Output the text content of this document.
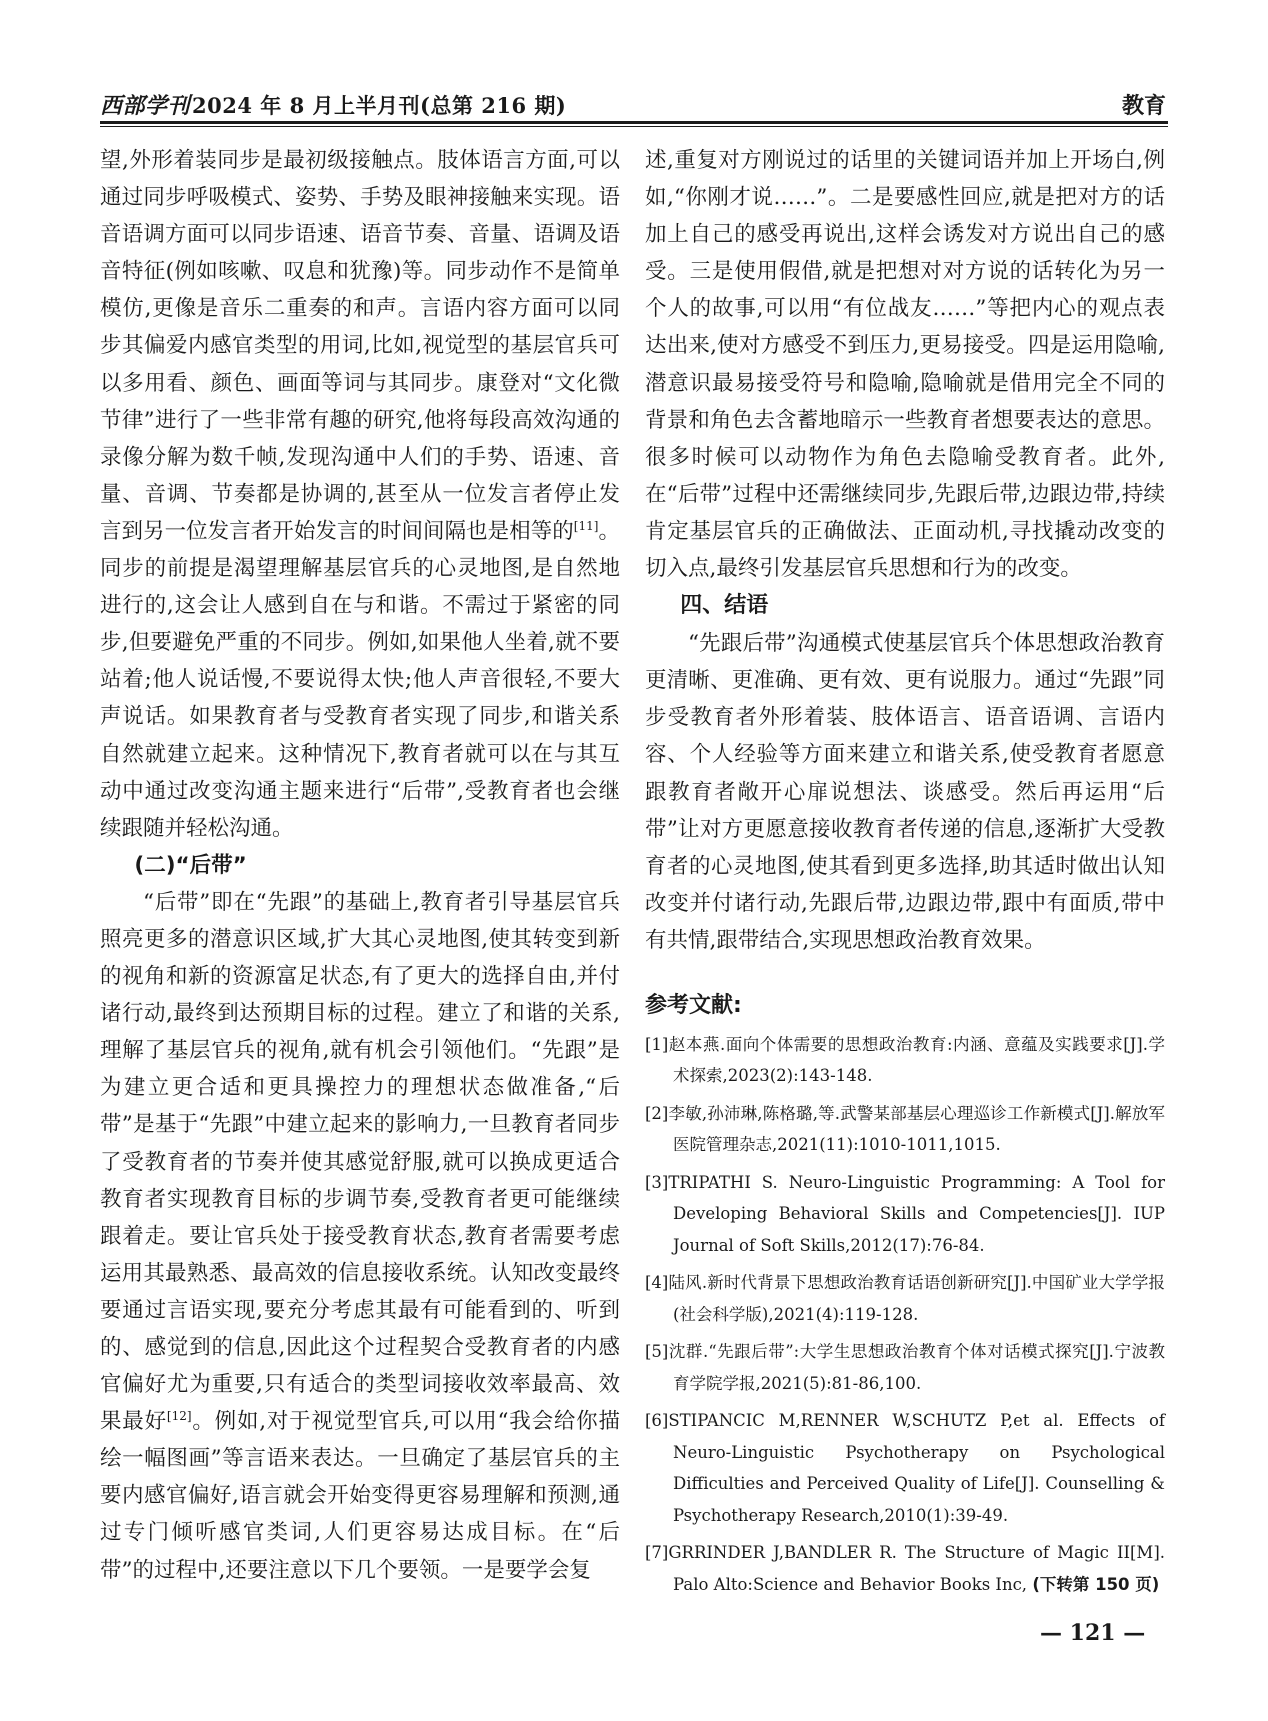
西部学刊2024 年 8 月上半月刊(总第 216 期)	教育

望,外形着装同步是最初级接触点。肢体语言方面,可以通过同步呼吸模式、姿势、手势及眼神接触来实现。语音语调方面可以同步语速、语音节奏、音量、语调及语音特征(例如咳嗽、叹息和犹豫)等。同步动作不是简单模仿,更像是音乐二重奏的和声。言语内容方面可以同步其偏爱内感官类型的用词,比如,视觉型的基层官兵可以多用看、颜色、画面等词与其同步。康登对“文化微节律”进行了一些非常有趣的研究,他将每段高效沟通的录像分解为数千帧,发现沟通中人们的手势、语速、音量、音调、节奏都是协调的,甚至从一位发言者停止发言到另一位发言者开始发言的时间间隔也是相等的[11]。同步的前提是渴望理解基层官兵的心灵地图,是自然地进行的,这会让人感到自在与和谐。不需过于紧密的同步,但要避免严重的不同步。例如,如果他人坐着,就不要站着;他人说话慢,不要说得太快;他人声音很轻,不要大声说话。如果教育者与受教育者实现了同步,和谐关系自然就建立起来。这种情况下,教育者就可以在与其互动中通过改变沟通主题来进行“后带”,受教育者也会继续跟随并轻松沟通。

(二)“后带”

“后带”即在“先跟”的基础上,教育者引导基层官兵照亮更多的潜意识区域,扩大其心灵地图,使其转变到新的视角和新的资源富足状态,有了更大的选择自由,并付诸行动,最终到达预期目标的过程。建立了和谐的关系,理解了基层官兵的视角,就有机会引领他们。“先跟”是为建立更合适和更具操控力的理想状态做准备,“后带”是基于“先跟”中建立起来的影响力,一旦教育者同步了受教育者的节奏并使其感觉舒服,就可以换成更适合教育者实现教育目标的步调节奏,受教育者更可能继续跟着走。要让官兵处于接受教育状态,教育者需要考虑运用其最熟悉、最高效的信息接收系统。认知改变最终要通过言语实现,要充分考虑其最有可能看到的、听到的、感觉到的信息,因此这个过程契合受教育者的内感官偏好尤为重要,只有适合的类型词接收效率最高、效果最好[12]。例如,对于视觉型官兵,可以用“我会给你描绘一幅图画”等言语来表达。一旦确定了基层官兵的主要内感官偏好,语言就会开始变得更容易理解和预测,通过专门倾听感官类词,人们更容易达成目标。在“后带”的过程中,还要注意以下几个要领。一是要学会复

述,重复对方刚说过的话里的关键词语并加上开场白,例如,“你刚才说……”。二是要感性回应,就是把对方的话加上自己的感受再说出,这样会诱发对方说出自己的感受。三是使用假借,就是把想对对方说的话转化为另一个人的故事,可以用“有位战友……”等把内心的观点表达出来,使对方感受不到压力,更易接受。四是运用隐喻,潜意识最易接受符号和隐喻,隐喻就是借用完全不同的背景和角色去含蓄地暗示一些教育者想要表达的意思。很多时候可以动物作为角色去隐喻受教育者。此外,在“后带”过程中还需继续同步,先跟后带,边跟边带,持续肯定基层官兵的正确做法、正面动机,寻找撬动改变的切入点,最终引发基层官兵思想和行为的改变。

四、结语

“先跟后带”沟通模式使基层官兵个体思想政治教育更清晰、更准确、更有效、更有说服力。通过“先跟”同步受教育者外形着装、肢体语言、语音语调、言语内容、个人经验等方面来建立和谐关系,使受教育者愿意跟教育者敞开心扉说想法、谈感受。然后再运用“后带”让对方更愿意接收教育者传递的信息,逐渐扩大受教育者的心灵地图,使其看到更多选择,助其适时做出认知改变并付诸行动,先跟后带,边跟边带,跟中有面质,带中有共情,跟带结合,实现思想政治教育效果。

参考文献:

[1]赵本燕.面向个体需要的思想政治教育:内涵、意蕴及实践要求[J].学术探索,2023(2):143-148.

[2]李敏,孙沛琳,陈格璐,等.武警某部基层心理巡诊工作新模式[J].解放军医院管理杂志,2021(11):1010-1011,1015.

[3]TRIPATHI S. Neuro-Linguistic Programming: A Tool for Developing Behavioral Skills and Competencies[J]. IUP Journal of Soft Skills,2012(17):76-84.

[4]陆风.新时代背景下思想政治教育话语创新研究[J].中国矿业大学学报(社会科学版),2021(4):119-128.

[5]沈群.“先跟后带”:大学生思想政治教育个体对话模式探究[J].宁波教育学院学报,2021(5):81-86,100.

[6]STIPANCIC M,RENNER W,SCHUTZ P,et al. Effects of Neuro-Linguistic Psychotherapy on Psychological Difficulties and Perceived Quality of Life[J]. Counselling & Psychotherapy Research,2010(1):39-49.

[7]GRRINDER J,BANDLER R. The Structure of Magic II[M]. Palo Alto:Science and Behavior Books Inc, (下转第 150 页)

— 121 —
